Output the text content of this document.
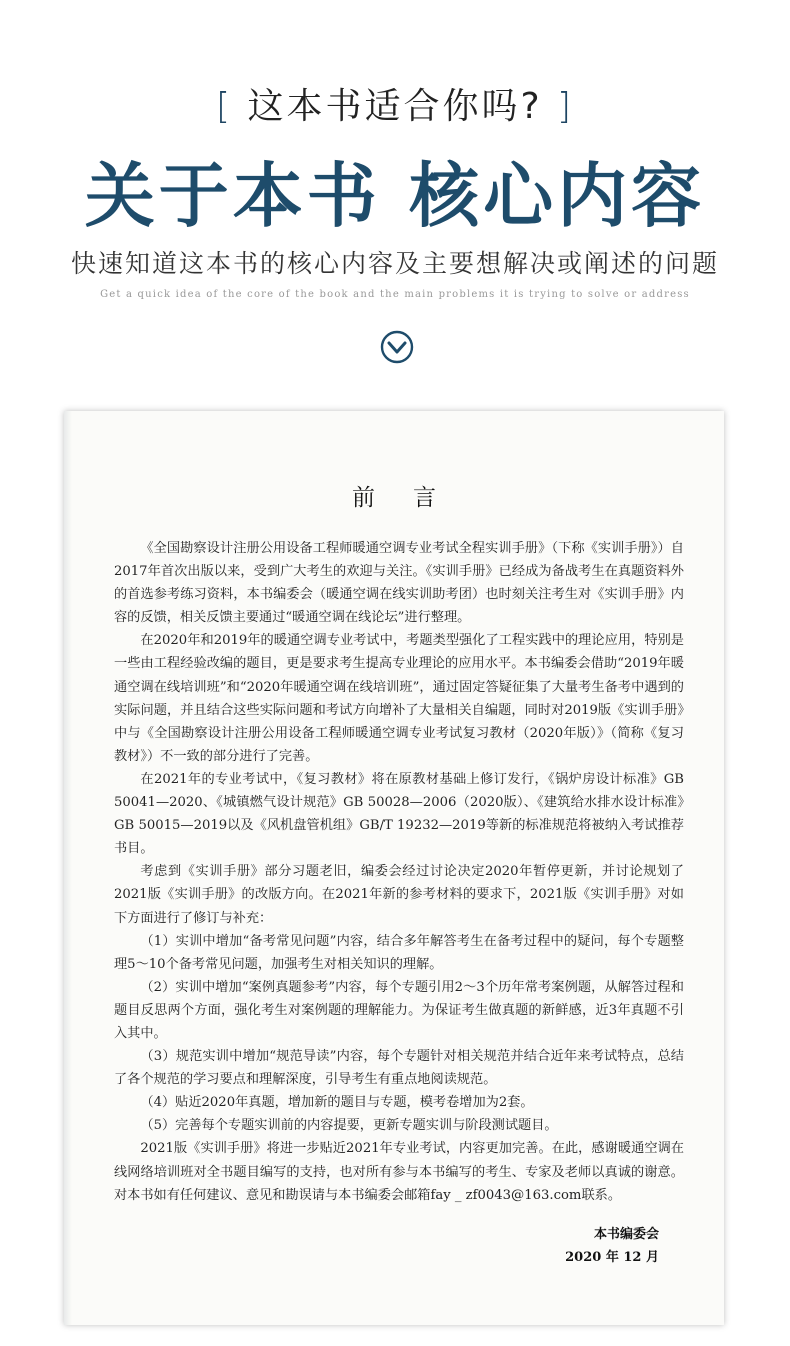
[ 这本书适合你吗? ]
关于本书 核心内容
快速知道这本书的核心内容及主要想解决或阐述的问题
Get a quick idea of the core of the book and the main problems it is trying to solve or address
前言

《全国勘察设计注册公用设备工程师暖通空调专业考试全程实训手册》（下称《实训手册》）自2017年首次出版以来，受到广大考生的欢迎与关注。《实训手册》已经成为备战考生在真题资料外的首选参考练习资料，本书编委会（暖通空调在线实训助考团）也时刻关注考生对《实训手册》内容的反馈，相关反馈主要通过“暖通空调在线论坛”进行整理。

在2020年和2019年的暖通空调专业考试中，考题类型强化了工程实践中的理论应用，特别是一些由工程经验改编的题目，更是要求考生提高专业理论的应用水平。本书编委会借助“2019年暖通空调在线培训班”和“2020年暖通空调在线培训班”，通过固定答疑征集了大量考生备考中遇到的实际问题，并且结合这些实际问题和考试方向增补了大量相关自编题，同时对2019版《实训手册》中与《全国勘察设计注册公用设备工程师暖通空调专业考试复习教材（2020年版）》（简称《复习教材》）不一致的部分进行了完善。

在2021年的专业考试中，《复习教材》将在原教材基础上修订发行，《锅炉房设计标准》GB 50041—2020、《城镇燃气设计规范》GB 50028—2006（2020版）、《建筑给水排水设计标准》GB 50015—2019以及《风机盘管机组》GB/T 19232—2019等新的标准规范将被纳入考试推荐书目。

考虑到《实训手册》部分习题老旧，编委会经过讨论决定2020年暂停更新，并讨论规划了2021版《实训手册》的改版方向。在2021年新的参考材料的要求下，2021版《实训手册》对如下方面进行了修订与补充：

（1）实训中增加“备考常见问题”内容，结合多年解答考生在备考过程中的疑问，每个专题整理5～10个备考常见问题，加强考生对相关知识的理解。

（2）实训中增加“案例真题参考”内容，每个专题引用2～3个历年常考案例题，从解答过程和题目反思两个方面，强化考生对案例题的理解能力。为保证考生做真题的新鲜感，近3年真题不引入其中。

（3）规范实训中增加“规范导读”内容，每个专题针对相关规范并结合近年来考试特点，总结了各个规范的学习要点和理解深度，引导考生有重点地阅读规范。

（4）贴近2020年真题，增加新的题目与专题，模考卷增加为2套。

（5）完善每个专题实训前的内容提要，更新专题实训与阶段测试题目。

2021版《实训手册》将进一步贴近2021年专业考试，内容更加完善。在此，感谢暖通空调在线网络培训班对全书题目编写的支持，也对所有参与本书编写的考生、专家及老师以真诚的谢意。对本书如有任何建议、意见和勘误请与本书编委会邮箱fay _ zf0043@163.com联系。

本书编委会
2020 年 12 月
